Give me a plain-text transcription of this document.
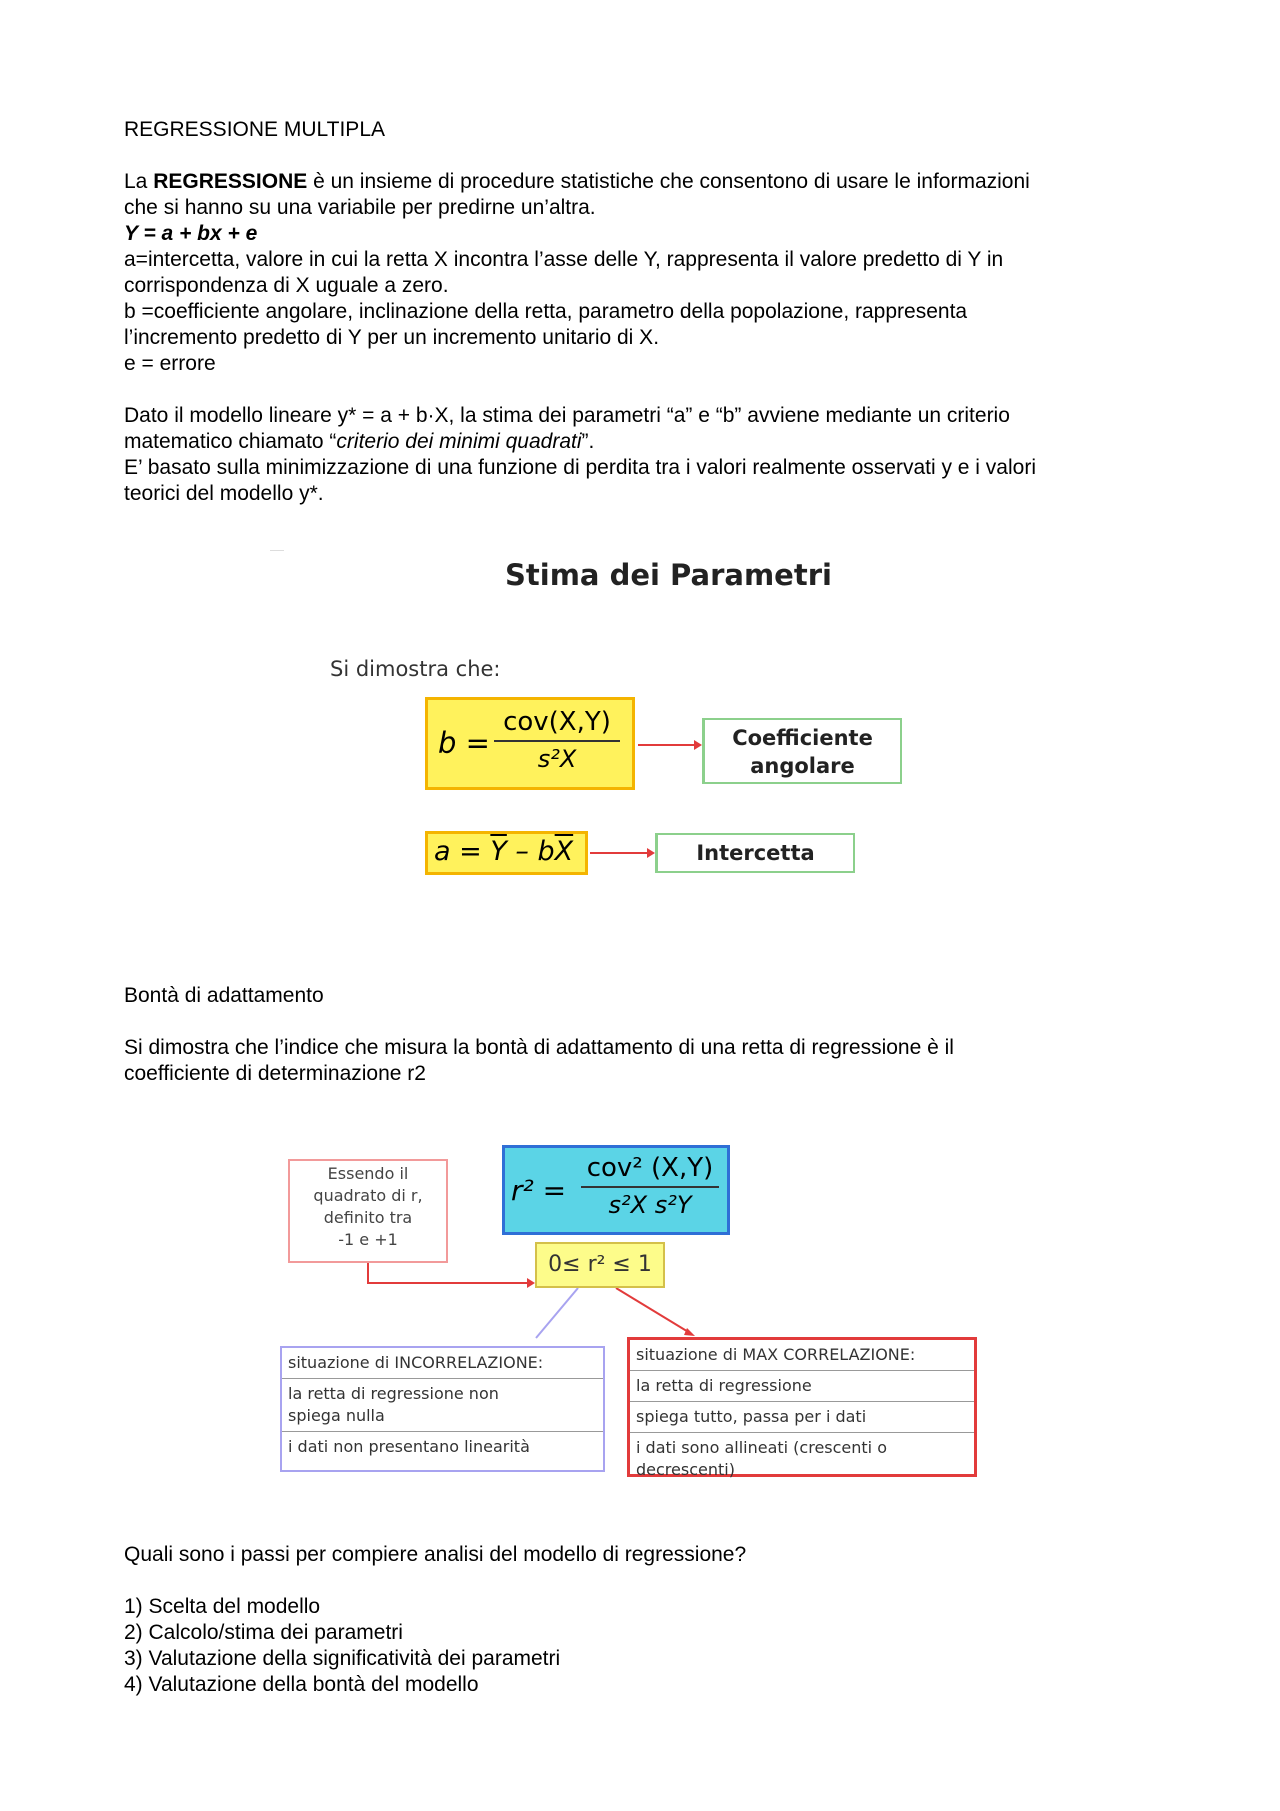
REGRESSIONE MULTIPLA

La REGRESSIONE è un insieme di procedure statistiche che consentono di usare le informazioni

che si hanno su una variabile per predirne un’altra.

Y = a + bx + e

a=intercetta, valore in cui la retta X incontra l’asse delle Y, rappresenta il valore predetto di Y in

corrispondenza di X uguale a zero.

b =coefficiente angolare, inclinazione della retta, parametro della popolazione, rappresenta

l’incremento predetto di Y per un incremento unitario di X.

e = errore

Dato il modello lineare y* = a + b·X, la stima dei parametri “a” e “b” avviene mediante un criterio

matematico chiamato “criterio dei minimi quadrati”.

E’ basato sulla minimizzazione di una funzione di perdita tra i valori realmente osservati y e i valori

teorici del modello y*.

Stima dei Parametri
Si dimostra che:
b =
cov(X,Y)
s²X
Coefficiente
angolare
$a = \overline{Y} - b\overline{X}$	Intercetta

Bontà di adattamento

Si dimostra che l’indice che misura la bontà di adattamento di una retta di regressione è il

coefficiente di determinazione r2

Essendo il
quadrato di r,
definito tra
-1 e +1
r² =
cov² (X,Y)
s²X s²Y
0≤ r² ≤ 1
situazione di INCORRELAZIONE:
la retta di regressione non
spiega nulla
i dati non presentano linearità
situazione di MAX CORRELAZIONE:
la retta di regressione
spiega tutto, passa per i dati
i dati sono allineati (crescenti o
decrescenti)

Quali sono i passi per compiere analisi del modello di regressione?

1) Scelta del modello

2) Calcolo/stima dei parametri

3) Valutazione della significatività dei parametri

4) Valutazione della bontà del modello
